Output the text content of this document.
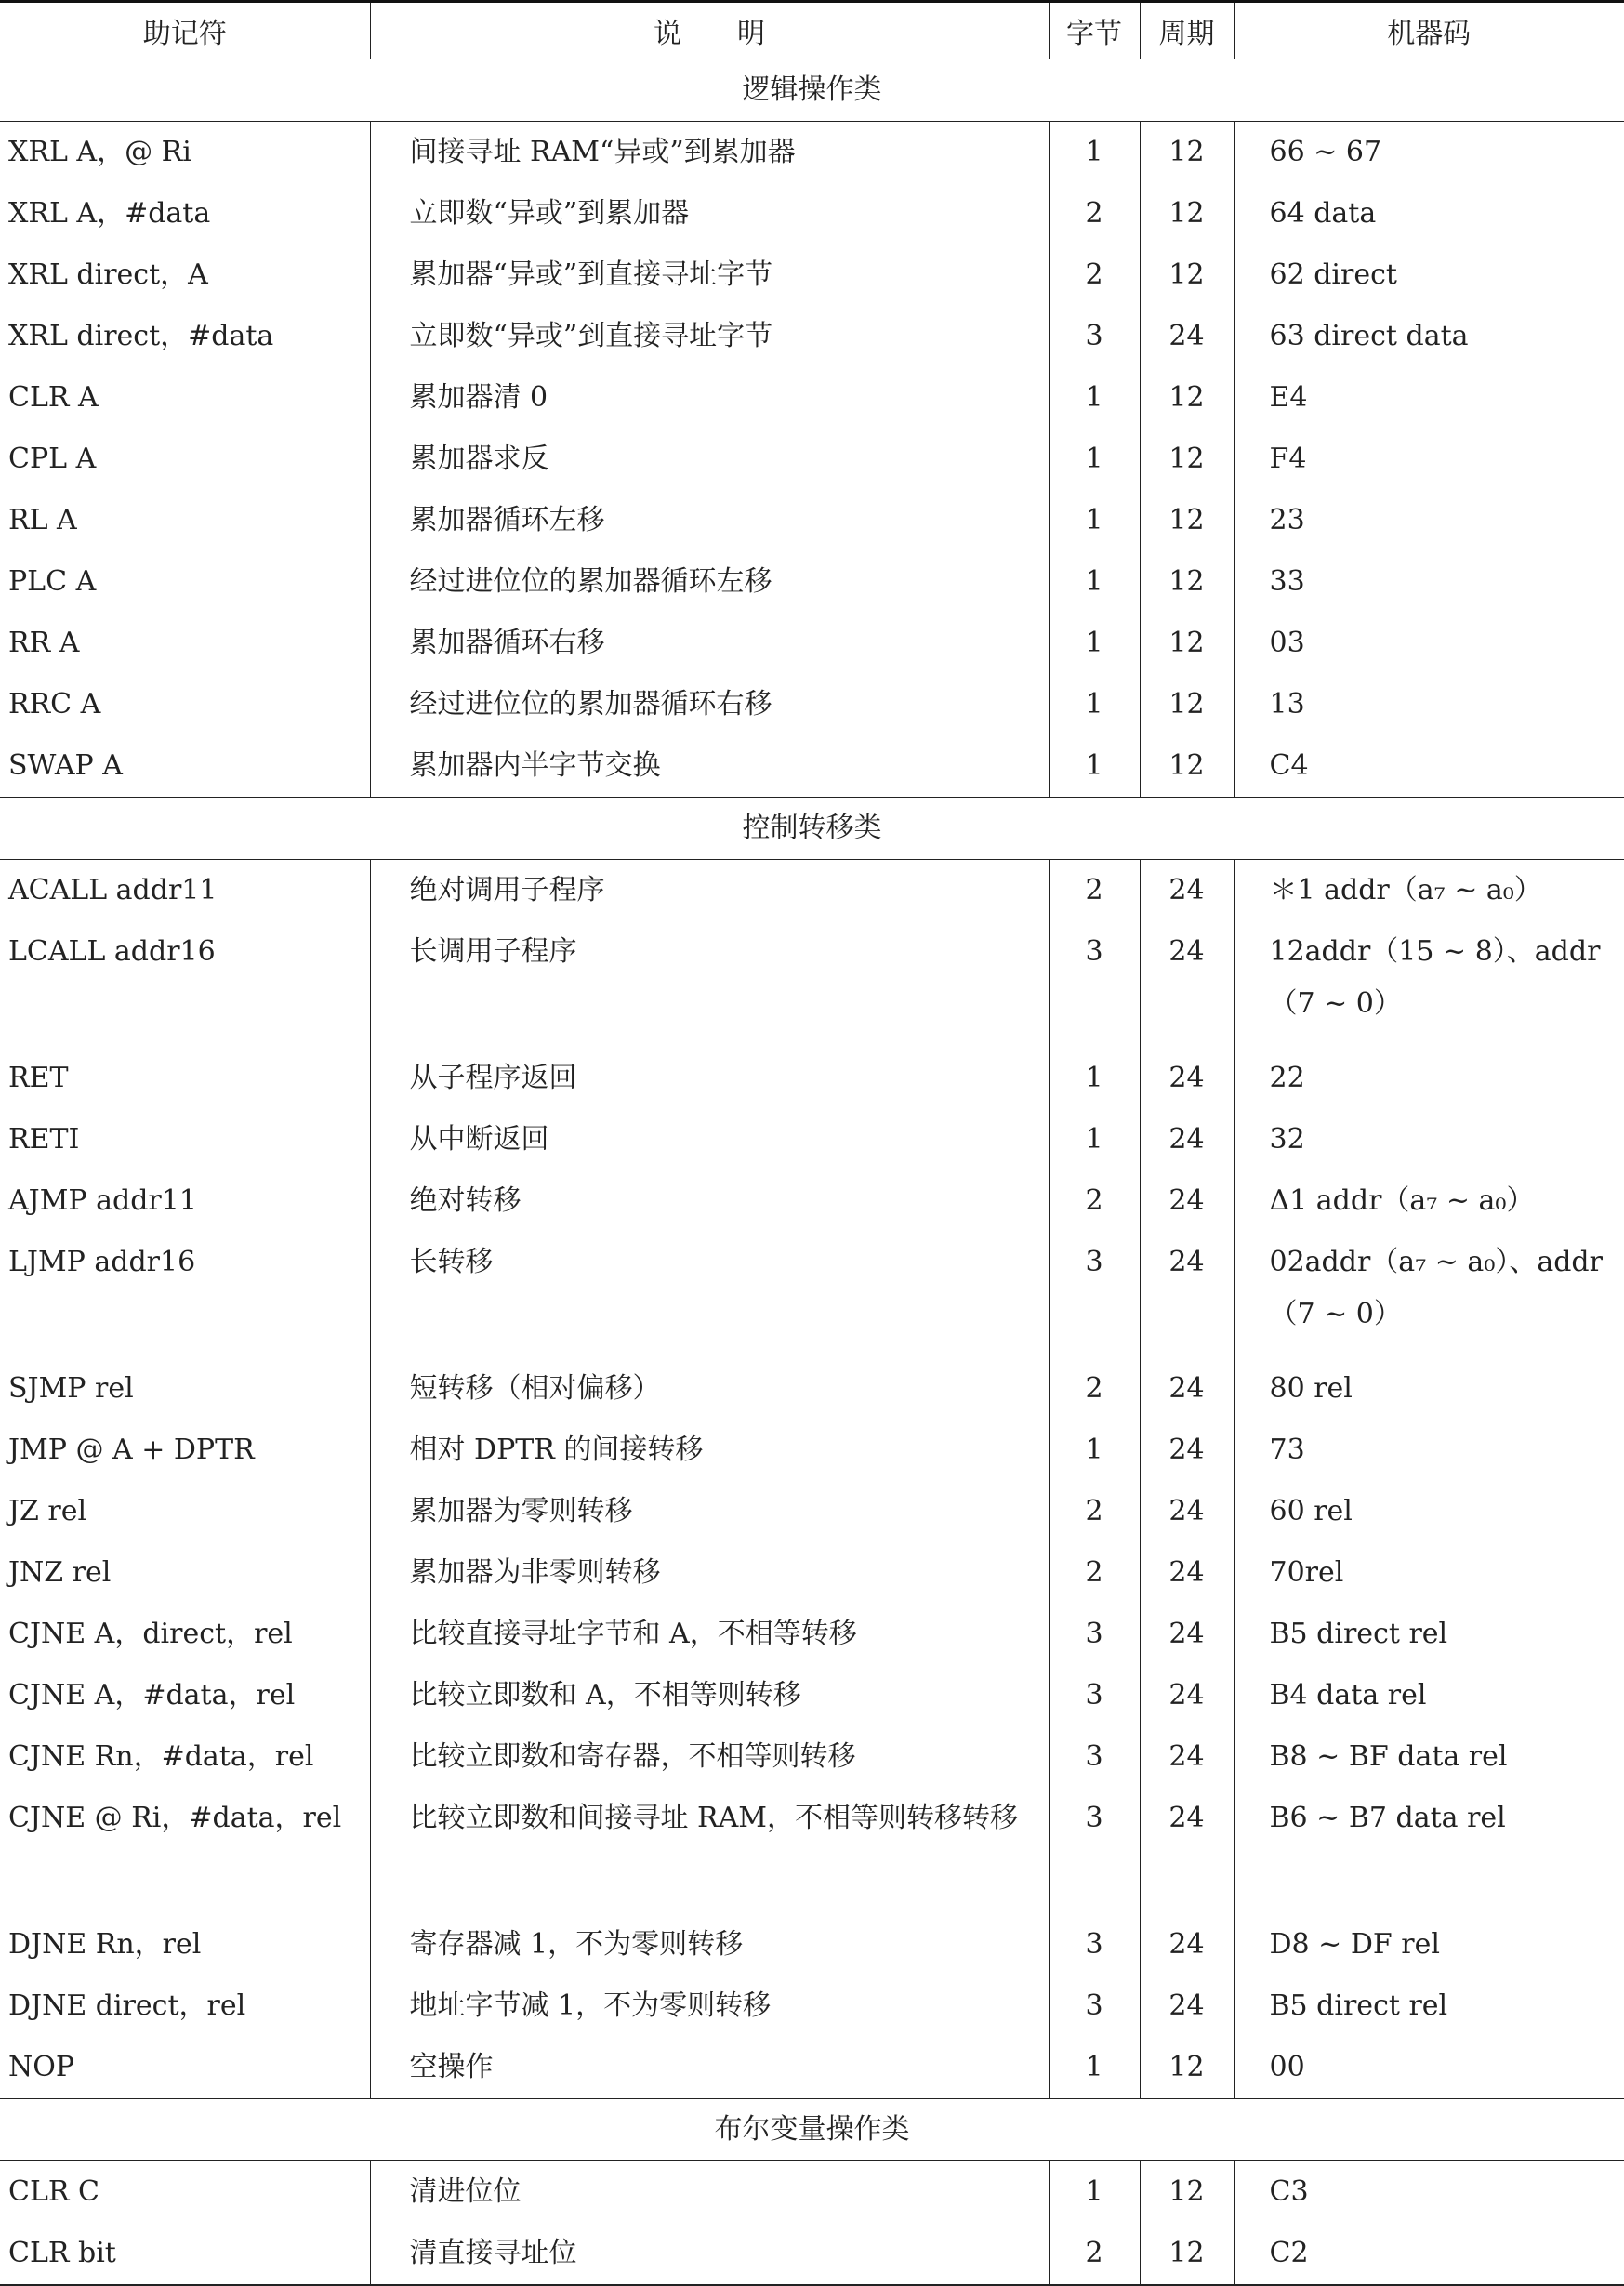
助记符	说　　明	字节	周期	机器码
逻辑操作类				
XRL A，@ Ri	间接寻址 RAM“异或”到累加器	1	12	66 ~ 67
XRL A，#data	立即数“异或”到累加器	2	12	64 data
XRL direct，A	累加器“异或”到直接寻址字节	2	12	62 direct
XRL direct，#data	立即数“异或”到直接寻址字节	3	24	63 direct data
CLR A	累加器清 0	1	12	E4
CPL A	累加器求反	1	12	F4
RL A	累加器循环左移	1	12	23
PLC A	经过进位位的累加器循环左移	1	12	33
RR A	累加器循环右移	1	12	03
RRC A	经过进位位的累加器循环右移	1	12	13
SWAP A	累加器内半字节交换	1	12	C4
控制转移类				
ACALL addr11	绝对调用子程序	2	24	＊1 addr（a₇ ~ a₀）
LCALL addr16	长调用子程序	3	24	12addr（15 ~ 8）、addr（7 ~ 0）
RET	从子程序返回	1	24	22
RETI	从中断返回	1	24	32
AJMP addr11	绝对转移	2	24	Δ1 addr（a₇ ~ a₀）
LJMP addr16	长转移	3	24	02addr（a₇ ~ a₀）、addr（7 ~ 0）
SJMP rel	短转移（相对偏移）	2	24	80 rel
JMP @ A + DPTR	相对 DPTR 的间接转移	1	24	73
JZ rel	累加器为零则转移	2	24	60 rel
JNZ rel	累加器为非零则转移	2	24	70rel
CJNE A，direct，rel	比较直接寻址字节和 A，不相等转移	3	24	B5 direct rel
CJNE A，#data，rel	比较立即数和 A，不相等则转移	3	24	B4 data rel
CJNE Rn，#data，rel	比较立即数和寄存器，不相等则转移	3	24	B8 ~ BF data rel
CJNE @ Ri，#data，rel	比较立即数和间接寻址 RAM，不相等则转移转移	3	24	B6 ~ B7 data rel
DJNE Rn，rel	寄存器减 1，不为零则转移	3	24	D8 ~ DF rel
DJNE direct，rel	地址字节减 1，不为零则转移	3	24	B5 direct rel
NOP	空操作	1	12	00
布尔变量操作类				
CLR C	清进位位	1	12	C3
CLR bit	清直接寻址位	2	12	C2
